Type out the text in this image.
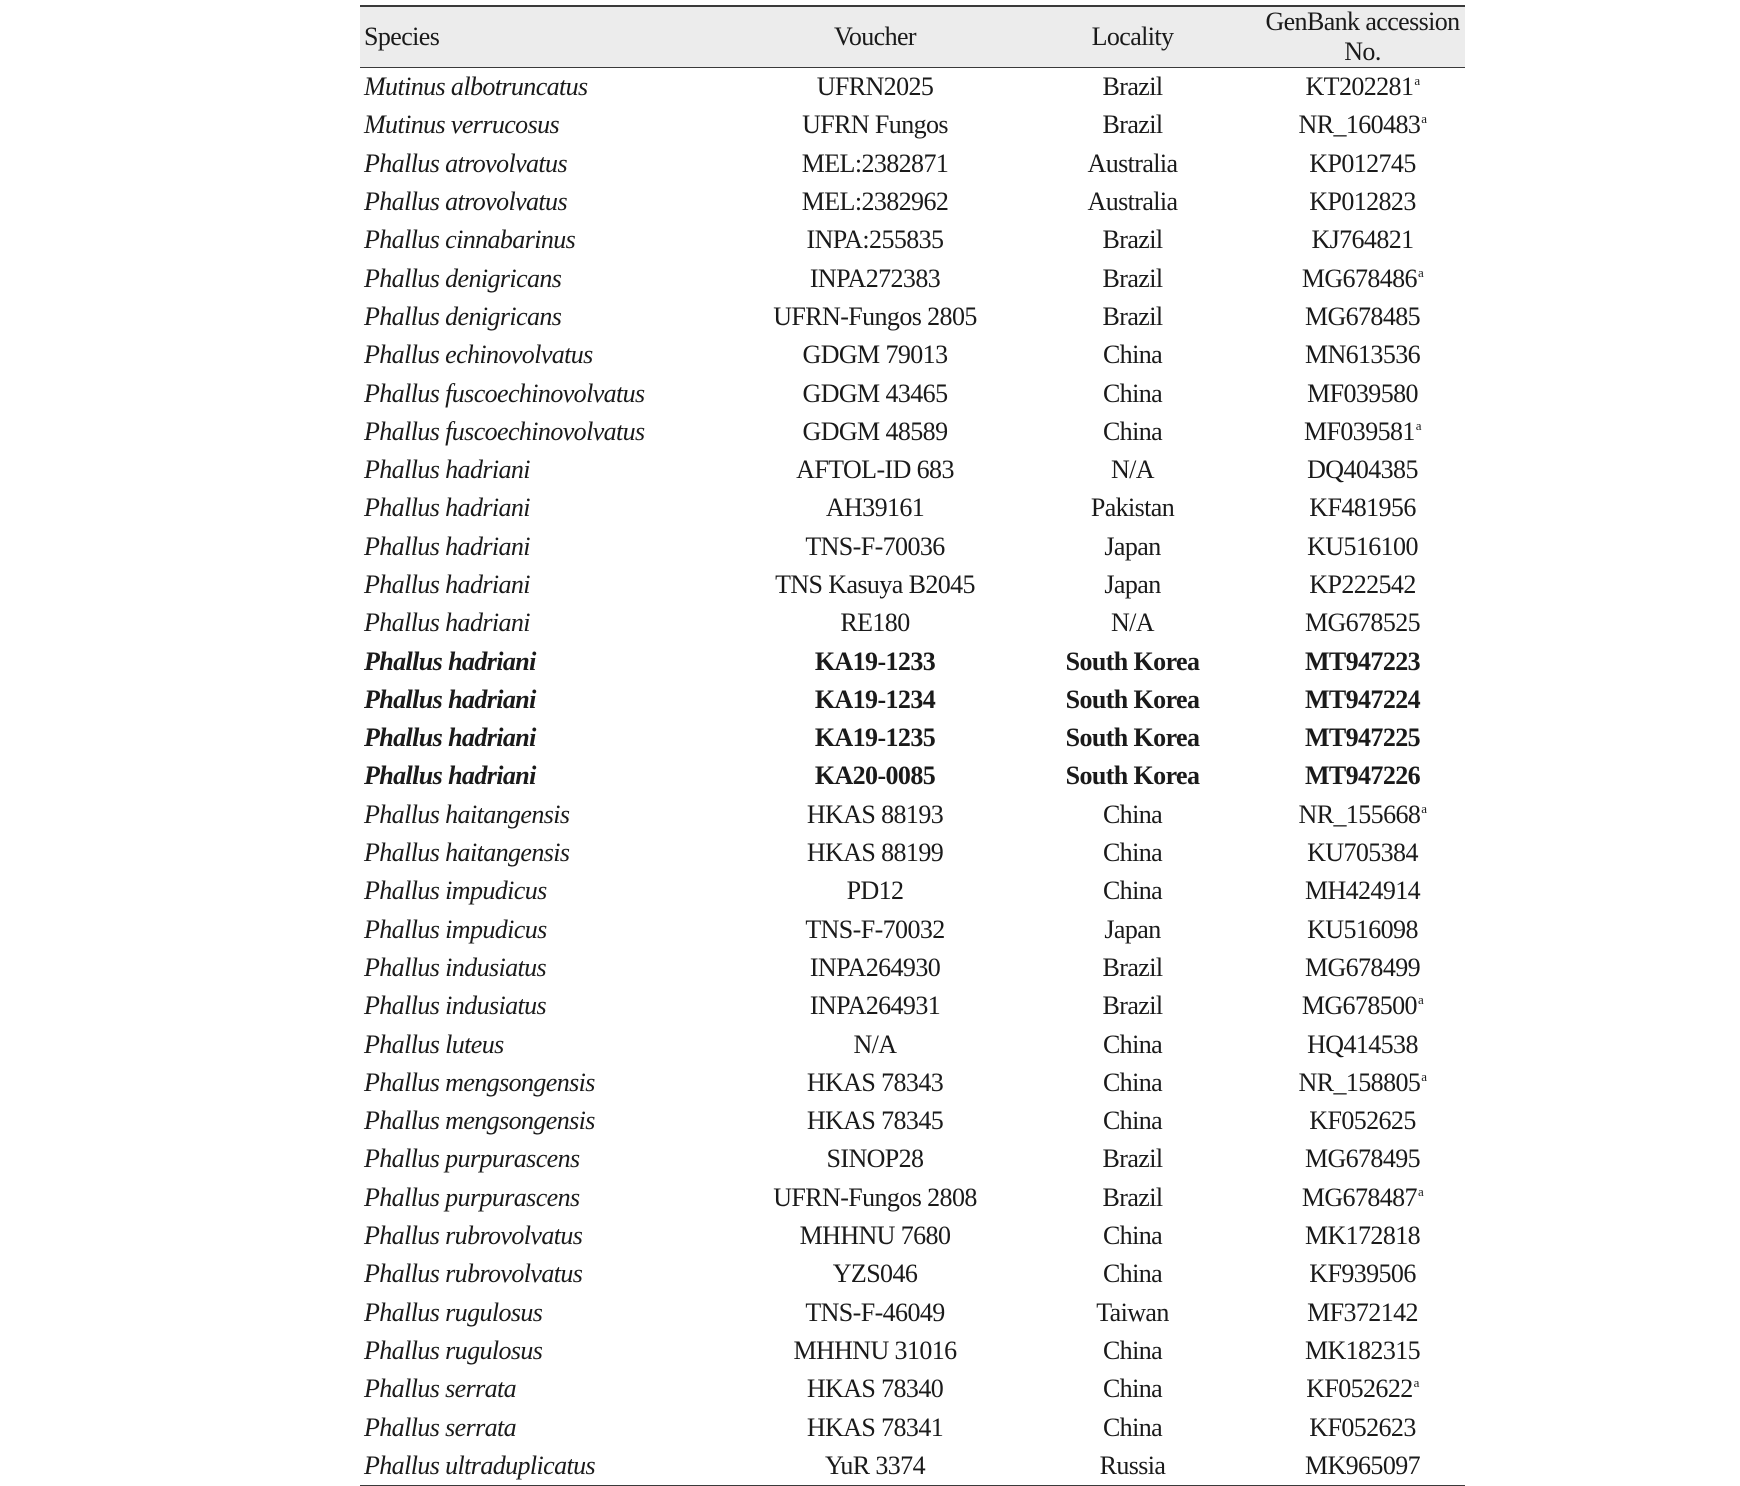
Species	Voucher	Locality	GenBank accession No.
Mutinus albotruncatus	UFRN2025	Brazil	KT202281$^a$
Mutinus verrucosus	UFRN Fungos	Brazil	NR_160483$^a$
Phallus atrovolvatus	MEL:2382871	Australia	KP012745
Phallus atrovolvatus	MEL:2382962	Australia	KP012823
Phallus cinnabarinus	INPA:255835	Brazil	KJ764821
Phallus denigricans	INPA272383	Brazil	MG678486$^a$
Phallus denigricans	UFRN-Fungos 2805	Brazil	MG678485
Phallus echinovolvatus	GDGM 79013	China	MN613536
Phallus fuscoechinovolvatus	GDGM 43465	China	MF039580
Phallus fuscoechinovolvatus	GDGM 48589	China	MF039581$^a$
Phallus hadriani	AFTOL-ID 683	N/A	DQ404385
Phallus hadriani	AH39161	Pakistan	KF481956
Phallus hadriani	TNS-F-70036	Japan	KU516100
Phallus hadriani	TNS Kasuya B2045	Japan	KP222542
Phallus hadriani	RE180	N/A	MG678525
Phallus hadriani	KA19-1233	South Korea	MT947223
Phallus hadriani	KA19-1234	South Korea	MT947224
Phallus hadriani	KA19-1235	South Korea	MT947225
Phallus hadriani	KA20-0085	South Korea	MT947226
Phallus haitangensis	HKAS 88193	China	NR_155668$^a$
Phallus haitangensis	HKAS 88199	China	KU705384
Phallus impudicus	PD12	China	MH424914
Phallus impudicus	TNS-F-70032	Japan	KU516098
Phallus indusiatus	INPA264930	Brazil	MG678499
Phallus indusiatus	INPA264931	Brazil	MG678500$^a$
Phallus luteus	N/A	China	HQ414538
Phallus mengsongensis	HKAS 78343	China	NR_158805$^a$
Phallus mengsongensis	HKAS 78345	China	KF052625
Phallus purpurascens	SINOP28	Brazil	MG678495
Phallus purpurascens	UFRN-Fungos 2808	Brazil	MG678487$^a$
Phallus rubrovolvatus	MHHNU 7680	China	MK172818
Phallus rubrovolvatus	YZS046	China	KF939506
Phallus rugulosus	TNS-F-46049	Taiwan	MF372142
Phallus rugulosus	MHHNU 31016	China	MK182315
Phallus serrata	HKAS 78340	China	KF052622$^a$
Phallus serrata	HKAS 78341	China	KF052623
Phallus ultraduplicatus	YuR 3374	Russia	MK965097
